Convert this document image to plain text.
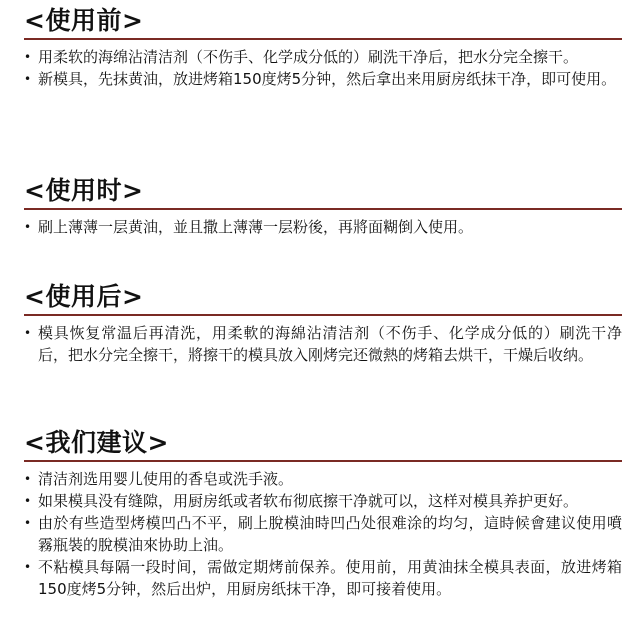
<使用前>
• 用柔软的海绵沾清洁剂（不伤手、化学成分低的）刷洗干净后，把水分完全擦干。
• 新模具，先抹黄油，放进烤箱150度烤5分钟，然后拿出来用厨房纸抹干净，即可使用。
<使用时>
• 刷上薄薄一层黄油，並且撒上薄薄一层粉後，再將面糊倒入使用。
<使用后>
• 模具恢复常温后再清洗，用柔軟的海綿沾清洁剂（不伤手、化学成分低的）刷洗干净后，把水分完全擦干，將擦干的模具放入刚烤完还微熱的烤箱去烘干，干燥后收纳。
<我们建议>
• 清洁剂选用婴儿使用的香皂或洗手液。
• 如果模具没有缝隙，用厨房纸或者软布彻底擦干净就可以，这样对模具养护更好。
• 由於有些造型烤模凹凸不平，刷上脫模油時凹凸处很难涂的均匀，這時候會建议使用噴霧瓶裝的脫模油來协助上油。
• 不粘模具每隔一段时间，需做定期烤前保养。使用前，用黄油抹全模具表面，放进烤箱150度烤5分钟，然后出炉，用厨房纸抹干净，即可接着使用。
